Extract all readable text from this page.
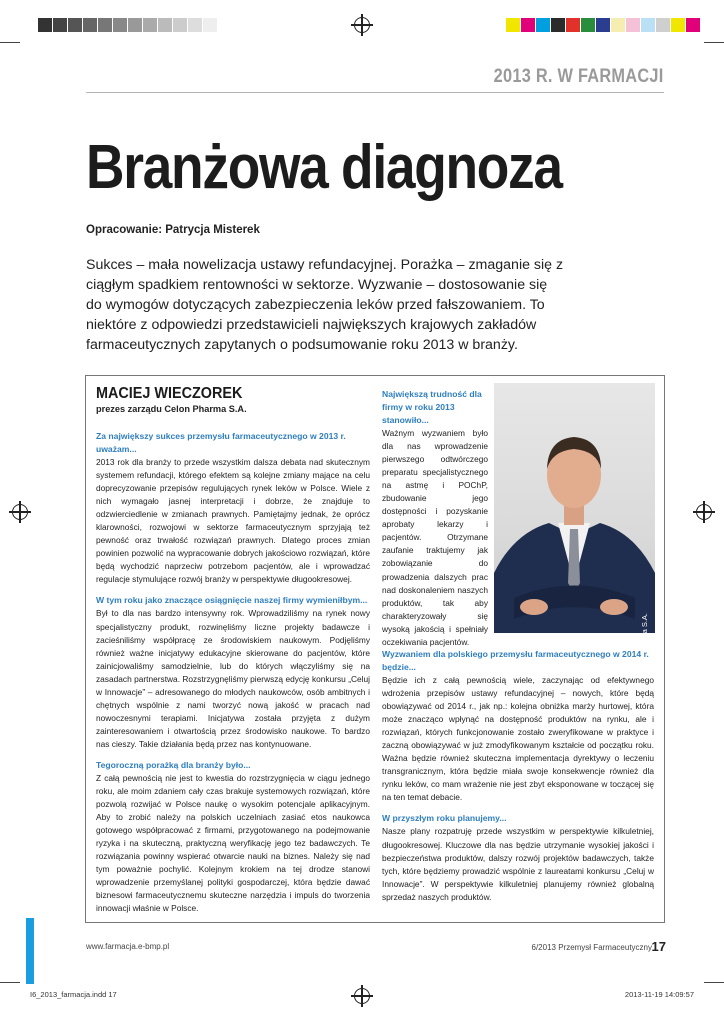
2013 R. W FARMACJI
Branżowa diagnoza
Opracowanie: Patrycja Misterek

Sukces – mała nowelizacja ustawy refundacyjnej. Porażka – zmaganie się z ciągłym spadkiem rentowności w sektorze. Wyzwanie – dostosowanie się do wymogów dotyczących zabezpieczenia leków przed fałszowaniem. To niektóre z odpowiedzi przedstawicieli największych krajowych zakładów farmaceutycznych zapytanych o podsumowanie roku 2013 w branży.

MACIEJ WIECZOREK
prezes zarządu Celon Pharma S.A.
Za największy sukces przemysłu farmaceutycznego w 2013 r. uważam...
2013 rok dla branży to przede wszystkim dalsza debata nad skutecznym systemem refundacji, którego efektem są kolejne zmiany mające na celu doprecyzowanie przepisów regulujących rynek leków w Polsce. Wiele z nich wymagało jasnej interpretacji i dobrze, że znajduje to odzwierciedlenie w zmianach prawnych. Pamiętajmy jednak, że oprócz klarowności, rozwojowi w sektorze farmaceutycznym sprzyjają też pewność oraz trwałość rozwiązań prawnych. Dlatego proces zmian powinien pozwolić na wypracowanie dobrych jakościowo rozwiązań, które będą wychodzić naprzeciw potrzebom pacjentów, ale i wprowadzać regulacje stymulujące rozwój branży w perspektywie długookresowej.
W tym roku jako znaczące osiągnięcie naszej firmy wymieniłbym...
Był to dla nas bardzo intensywny rok. Wprowadziliśmy na rynek nowy specjalistyczny produkt, rozwinęliśmy liczne projekty badawcze i zacieśniliśmy współpracę ze środowiskiem naukowym. Podjęliśmy również ważne inicjatywy edukacyjne skierowane do pacjentów, które zainicjowaliśmy samodzielnie, lub do których włączyliśmy się na zasadach partnerstwa. Rozstrzygnęliśmy pierwszą edycję konkursu „Celuj w Innowacje” – adresowanego do młodych naukowców, osób ambitnych i chętnych wspólnie z nami tworzyć nową jakość w pracach nad nowoczesnymi terapiami. Inicjatywa została przyjęta z dużym zainteresowaniem i otwartością przez środowisko naukowe. To bardzo nas cieszy. Takie działania będą przez nas kontynuowane.
Tegoroczną porażką dla branży było...
Z całą pewnością nie jest to kwestia do rozstrzygnięcia w ciągu jednego roku, ale moim zdaniem cały czas brakuje systemowych rozwiązań, które pozwolą rozwijać w Polsce naukę o wysokim potencjale aplikacyjnym. Aby to zrobić należy na polskich uczelniach zasiać etos naukowca gotowego współpracować z firmami, przygotowanego na podejmowanie ryzyka i na skuteczną, praktyczną weryfikację jego tez badawczych. Te rozwiązania powinny wspierać otwarcie nauki na biznes. Należy się nad tym poważnie pochylić. Kolejnym krokiem na tej drodze stanowi wprowadzenie przemyślanej polityki gospodarczej, która będzie dawać biznesowi farmaceutycznemu skuteczne narzędzia i impuls do tworzenia innowacji właśnie w Polsce.
Największą trudność dla firmy w roku 2013 stanowiło...
Ważnym wyzwaniem było dla nas wprowadzenie pierwszego odtwórczego preparatu specjalistycznego na astmę i POChP, zbudowanie jego dostępności i pozyskanie aprobaty lekarzy i pacjentów. Otrzymane zaufanie traktujemy jak zobowiązanie do prowadzenia dalszych prac nad doskonaleniem naszych produktów, tak aby charakteryzowały się wysoką jakością i spełniały oczekiwania pacjentów.	Fot. Celon Pharma S.A.
Wyzwaniem dla polskiego przemysłu farmaceutycznego w 2014 r. będzie...
Będzie ich z całą pewnością wiele, zaczynając od efektywnego wdrożenia przepisów ustawy refundacyjnej – nowych, które będą obowiązywać od 2014 r., jak np.: kolejna obniżka marży hurtowej, która może znacząco wpłynąć na dostępność produktów na rynku, ale i rozwiązań, których funkcjonowanie zostało zweryfikowane w praktyce i zaczną obowiązywać w już zmodyfikowanym kształcie od początku roku. Ważna będzie również skuteczna implementacja dyrektywy o leczeniu transgranicznym, która będzie miała swoje konsekwencje również dla rynku leków, co mam wrażenie nie jest zbyt eksponowane w toczącej się na ten temat debacie.
W przyszłym roku planujemy...
Nasze plany rozpatruję przede wszystkim w perspektywie kilkuletniej, długookresowej. Kluczowe dla nas będzie utrzymanie wysokiej jakości i bezpieczeństwa produktów, dalszy rozwój projektów badawczych, także tych, które będziemy prowadzić wspólnie z laureatami konkursu „Celuj w Innowacje”. W perspektywie kilkuletniej planujemy również globalną sprzedaż naszych produktów.
www.farmacja.e-bmp.pl	6/2013 Przemysł Farmaceutyczny 17
I6_2013_farmacja.indd 17	2013-11-19 14:09:57
